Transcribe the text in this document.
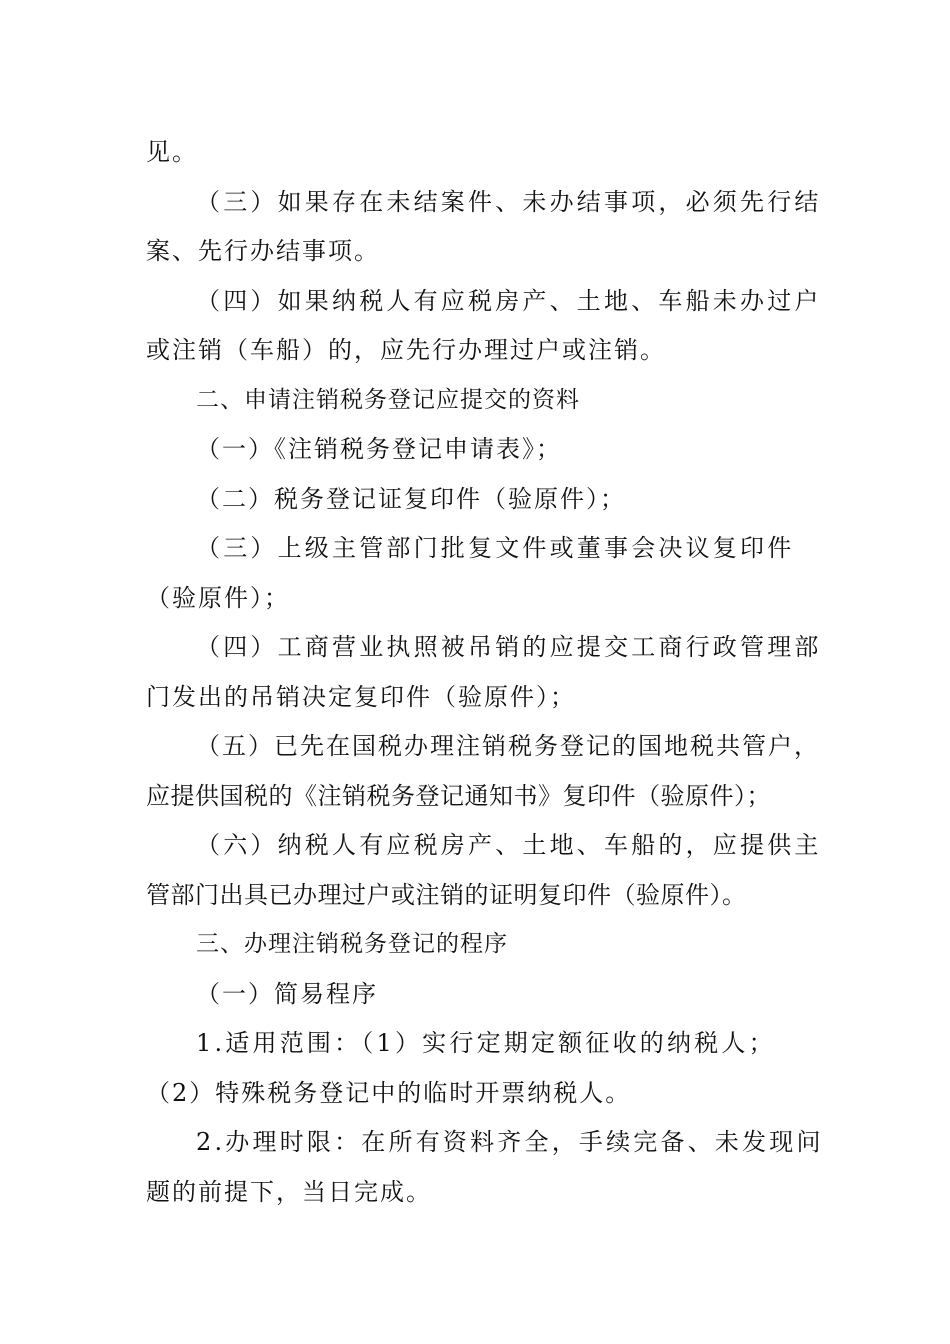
见。
（三）如果存在未结案件、未办结事项，必须先行结
案、先行办结事项。
（四）如果纳税人有应税房产、土地、车船未办过户
或注销（车船）的，应先行办理过户或注销。
二、申请注销税务登记应提交的资料
（一）《注销税务登记申请表》；
（二）税务登记证复印件（验原件）；
（三）上级主管部门批复文件或董事会决议复印件
（验原件）；
（四）工商营业执照被吊销的应提交工商行政管理部
门发出的吊销决定复印件（验原件）；
（五）已先在国税办理注销税务登记的国地税共管户，
应提供国税的《注销税务登记通知书》复印件（验原件）；
（六）纳税人有应税房产、土地、车船的，应提供主
管部门出具已办理过户或注销的证明复印件（验原件）。
三、办理注销税务登记的程序
（一）简易程序
1.适用范围：（1）实行定期定额征收的纳税人；
（2）特殊税务登记中的临时开票纳税人。
2.办理时限：在所有资料齐全，手续完备、未发现问
题的前提下，当日完成。
